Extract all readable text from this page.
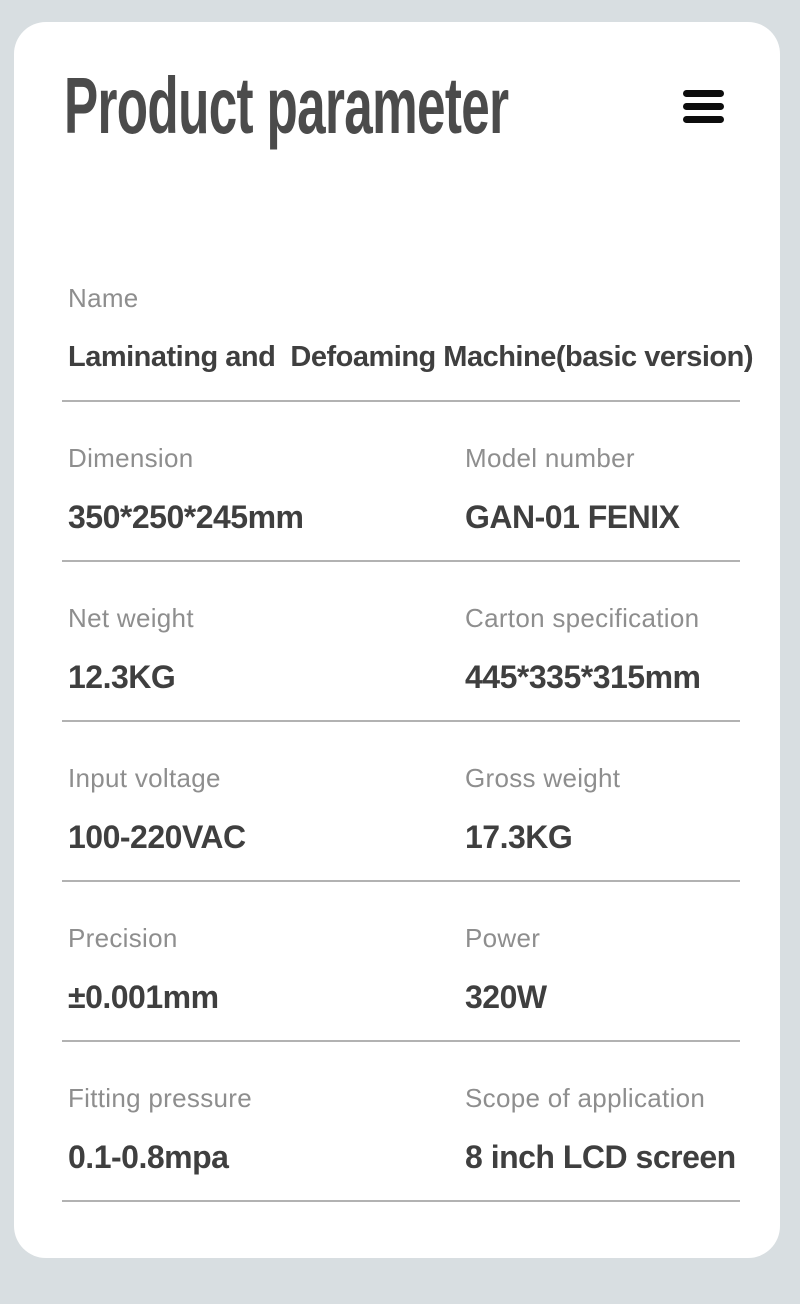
Product parameter
Name
Laminating and  Defoaming Machine(basic version)
Dimension
350*250*245mm
Model number
GAN-01 FENIX
Net weight
12.3KG
Carton specification
445*335*315mm
Input voltage
100-220VAC
Gross weight
17.3KG
Precision
±0.001mm
Power
320W
Fitting pressure
0.1-0.8mpa
Scope of application
8 inch LCD screen
